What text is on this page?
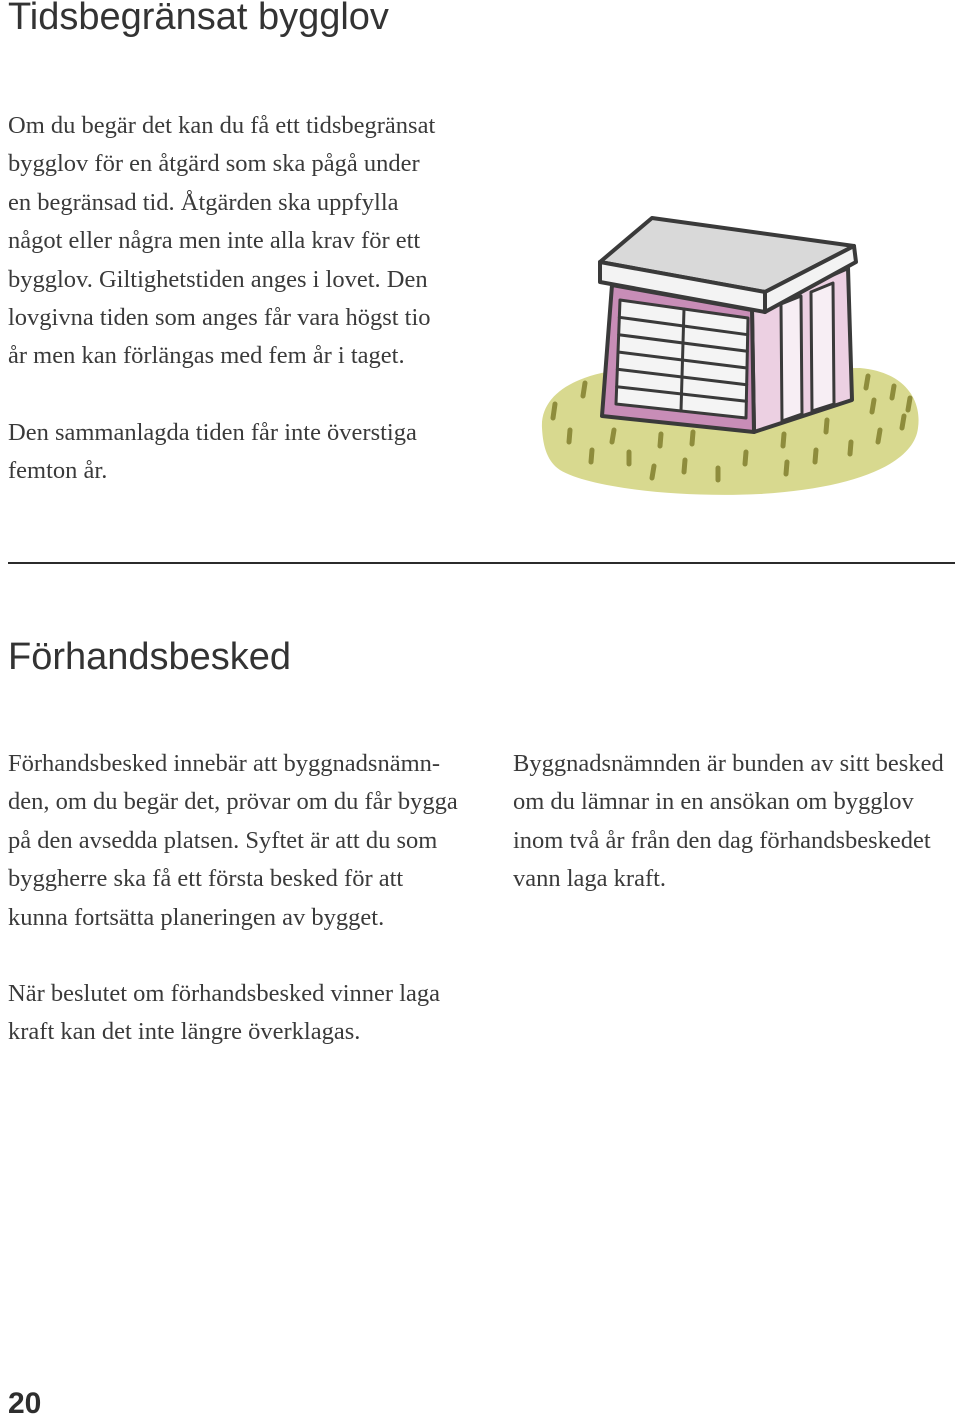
Tidsbegränsat bygglov
Om du begär det kan du få ett tidsbegränsat
bygglov för en åtgärd som ska pågå under
en begränsad tid. Åtgärden ska uppfylla
något eller några men inte alla krav för ett
bygglov. Giltighetstiden anges i lovet. Den
lovgivna tiden som anges får vara högst tio
år men kan förlängas med fem år i taget.
Den sammanlagda tiden får inte överstiga
femton år.
Förhandsbesked
Förhandsbesked innebär att byggnadsnämn-
den, om du begär det, prövar om du får bygga
på den avsedda platsen. Syftet är att du som
byggherre ska få ett första besked för att
kunna fortsätta planeringen av bygget.
Byggnadsnämnden är bunden av sitt besked
om du lämnar in en ansökan om bygglov
inom två år från den dag förhandsbeskedet
vann laga kraft.
När beslutet om förhandsbesked vinner laga
kraft kan det inte längre överklagas.
20
